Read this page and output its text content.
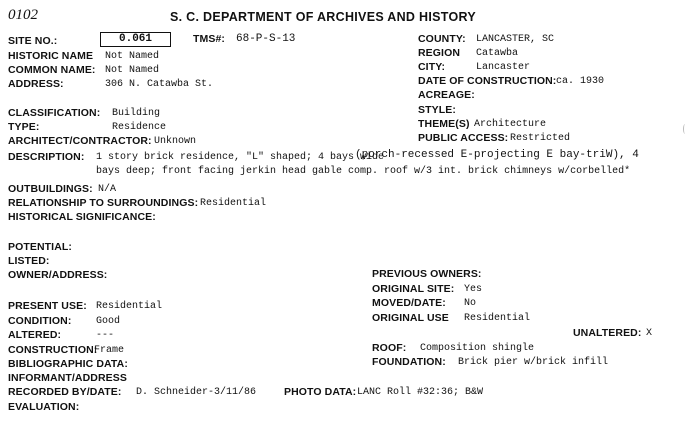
0102	S. C. DEPARTMENT OF ARCHIVES AND HISTORY
SITE NO.:	0.061	TMS#: 68-P-S-13
HISTORIC NAME Not Named
COMMON NAME: Not Named
ADDRESS:	306 N. Catawba St.
COUNTY: LANCASTER, SC
REGION Catawba
CITY:	Lancaster
DATE OF CONSTRUCTION: ca. 1930
ACREAGE:
STYLE:
THEME(S) Architecture
PUBLIC ACCESS: Restricted
CLASSIFICATION: Building
TYPE:	Residence
ARCHITECT/CONTRACTOR: Unknown
DESCRIPTION: 1 story brick residence, "L" shaped; 4 bays wide
(porch-recessed E-projecting E bay-triW), 4
bays deep; front facing jerkin head gable comp. roof w/3 int. brick chimneys w/corbelled*
OUTBUILDINGS: N/A
RELATIONSHIP TO SURROUNDINGS: Residential
HISTORICAL SIGNIFICANCE:
POTENTIAL:
LISTED:
OWNER/ADDRESS:	PREVIOUS OWNERS:
ORIGINAL SITE: Yes
MOVED/DATE: No
ORIGINAL USE Residential
UNALTERED: X
ROOF: Composition shingle
FOUNDATION: Brick pier w/brick infill
PRESENT USE: Residential
CONDITION: Good
ALTERED:	---
CONSTRUCTION:
Frame
BIBLIOGRAPHIC DATA:
INFORMANT/ADDRESS
RECORDED BY/DATE: D. Schneider-3/11/86	PHOTO DATA: LANC Roll #32:36; B&W
EVALUATION:
